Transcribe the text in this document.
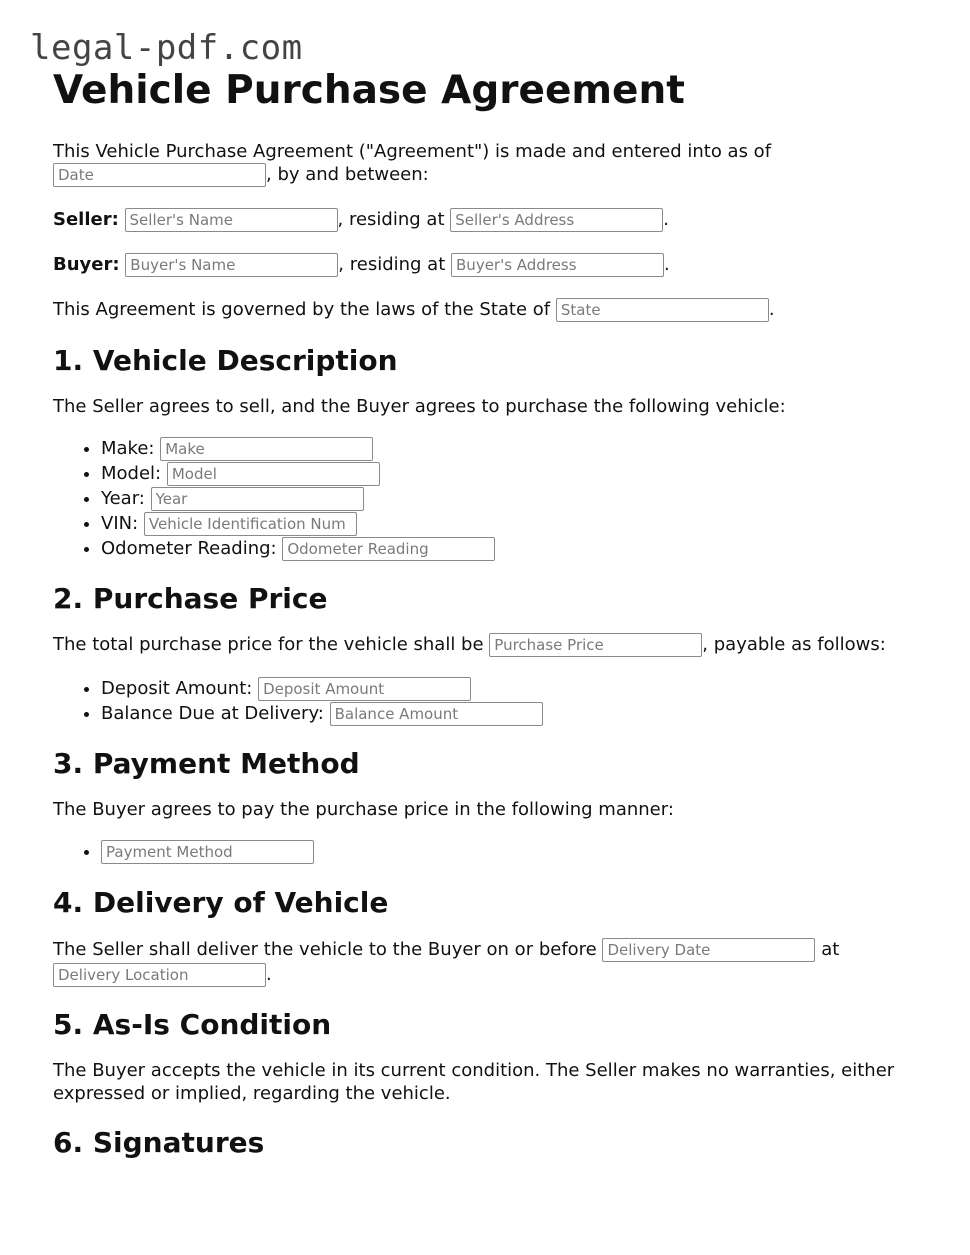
legal-pdf.com
Vehicle Purchase Agreement

This Vehicle Purchase Agreement ("Agreement") is made and entered into as of
Date	, by and between:

Seller: Seller's Name	, residing at Seller's Address	.

Buyer: Buyer's Name	, residing at Buyer's Address	.

This Agreement is governed by the laws of the State of State	.

1. Vehicle Description

The Seller agrees to sell, and the Buyer agrees to purchase the following vehicle:

• Make: Make
• Model: Model
• Year: Year
• VIN: Vehicle Identification Num
• Odometer Reading: Odometer Reading
2. Purchase Price

The total purchase price for the vehicle shall be Purchase Price	, payable as follows:

• Deposit Amount: Deposit Amount
• Balance Due at Delivery: Balance Amount
3. Payment Method

The Buyer agrees to pay the purchase price in the following manner:

• Payment Method
4. Delivery of Vehicle

The Seller shall deliver the vehicle to the Buyer on or before Delivery Date	at
Delivery Location	.

5. As-Is Condition

The Buyer accepts the vehicle in its current condition. The Seller makes no warranties, either expressed or implied, regarding the vehicle.

6. Signatures
